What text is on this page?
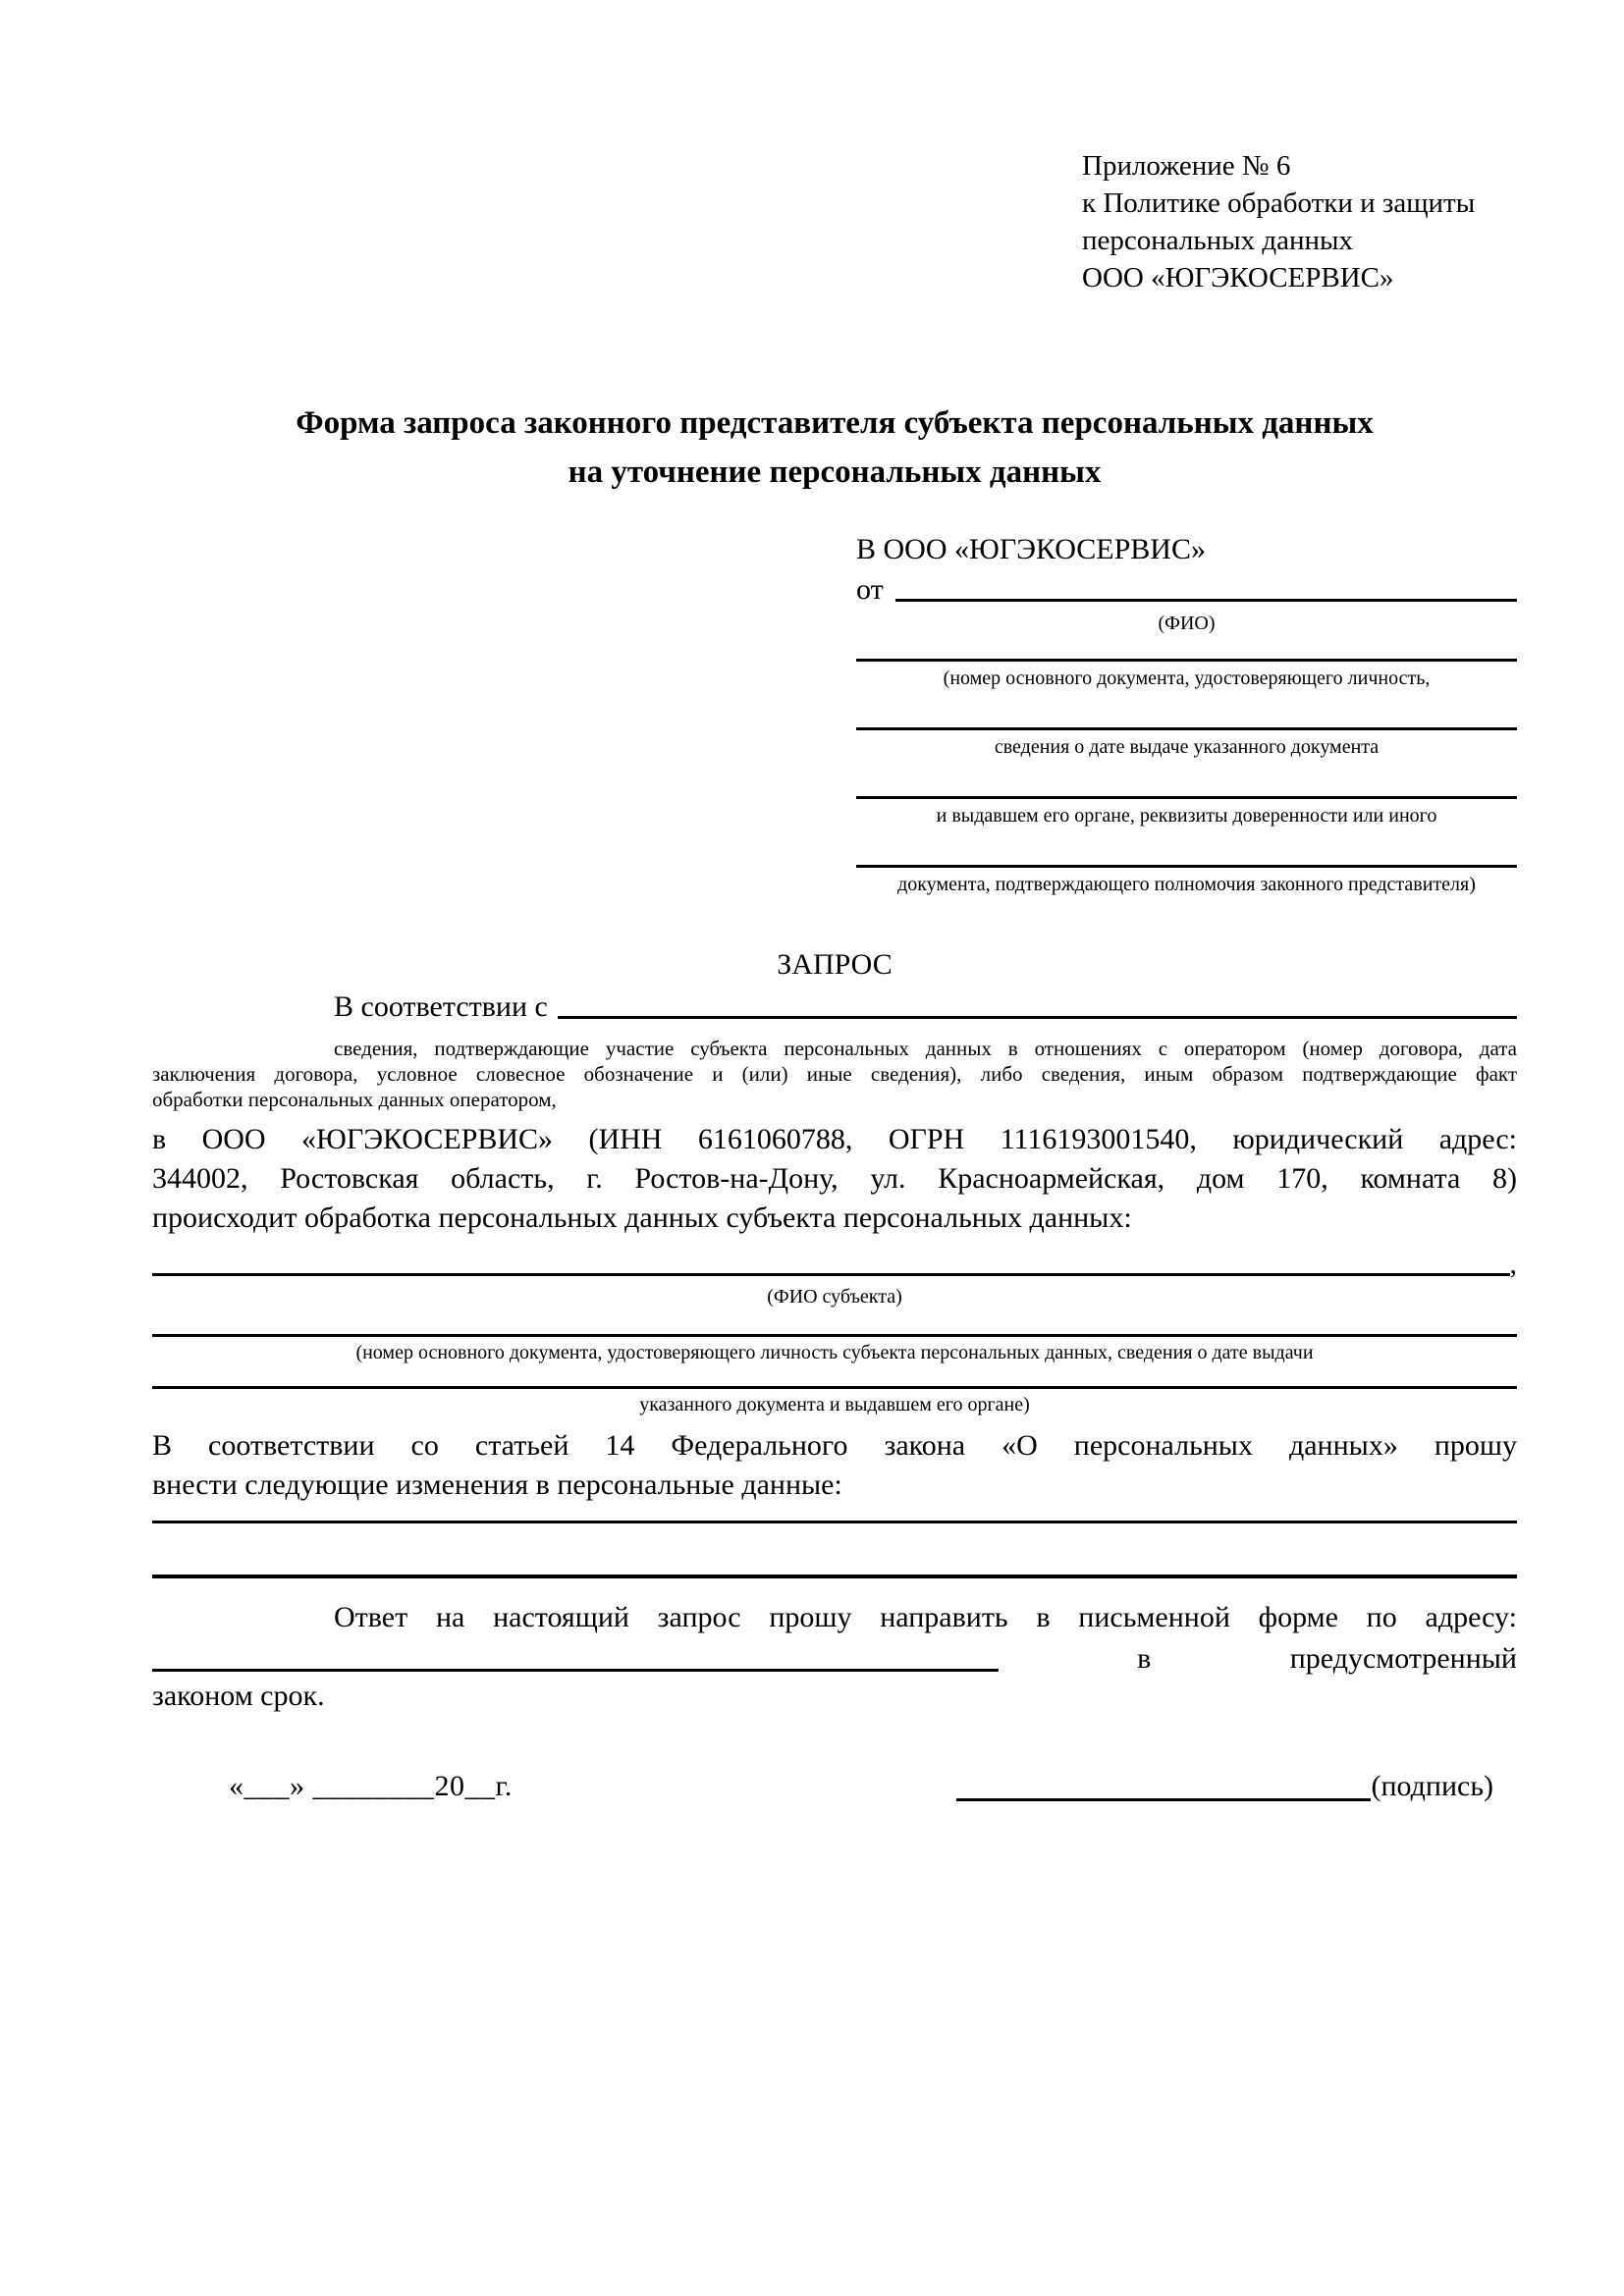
Приложение № 6
к Политике обработки и защиты
персональных данных
ООО «ЮГЭКОСЕРВИС»
Форма запроса законного представителя субъекта персональных данных
на уточнение персональных данных
В ООО «ЮГЭКОСЕРВИС»
от
(ФИО)
(номер основного документа, удостоверяющего личность,
сведения о дате выдаче указанного документа
и выдавшем его органе, реквизиты доверенности или иного
документа, подтверждающего полномочия законного представителя)
ЗАПРОС
В соответствии с
сведения, подтверждающие участие субъекта персональных данных в отношениях с оператором (номер договора, дата
заключения договора, условное словесное обозначение и (или) иные сведения), либо сведения, иным образом подтверждающие факт
обработки персональных данных оператором,
в ООО «ЮГЭКОСЕРВИС» (ИНН 6161060788, ОГРН 1116193001540, юридический адрес:
344002, Ростовская область, г. Ростов-на-Дону, ул. Красноармейская, дом 170, комната 8)
происходит обработка персональных данных субъекта персональных данных:
,
(ФИО субъекта)
(номер основного документа, удостоверяющего личность субъекта персональных данных, сведения о дате выдачи
указанного документа и выдавшем его органе)
В соответствии со статьей 14 Федерального закона «О персональных данных» прошу
внести следующие изменения в персональные данные:
Ответ на настоящий запрос прошу направить в письменной форме по адресу:
в	предусмотренный
законом срок.
«___» ________20__г.	(подпись)
